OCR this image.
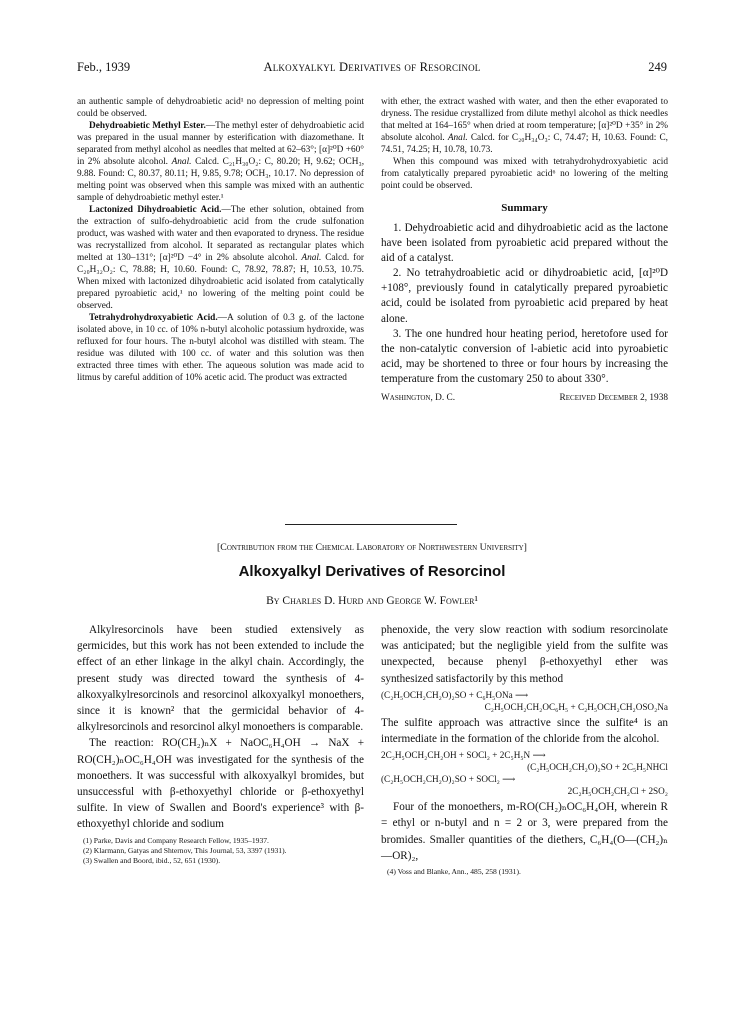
Feb., 1939	Alkoxyalkyl Derivatives of Resorcinol	249

an authentic sample of dehydroabietic acid¹ no depression of melting point could be observed.

Dehydroabietic Methyl Ester.—The methyl ester of dehydroabietic acid was prepared in the usual manner by esterification with diazomethane. It separated from methyl alcohol as needles that melted at 62–63°; [α]²⁰D +60° in 2% absolute alcohol. Anal. Calcd. C₂₁H₃₀O₂: C, 80.20; H, 9.62; OCH₃, 9.88. Found: C, 80.37, 80.11; H, 9.85, 9.78; OCH₃, 10.17. No depression of melting point was observed when this sample was mixed with an authentic sample of dehydroabietic methyl ester.¹

Lactonized Dihydroabietic Acid.—The ether solution, obtained from the extraction of sulfo-dehydroabietic acid from the crude sulfonation product, was washed with water and then evaporated to dryness. The residue was recrystallized from alcohol. It separated as rectangular plates which melted at 130–131°; [α]²⁰D −4° in 2% absolute alcohol. Anal. Calcd. for C₂₀H₃₂O₂: C, 78.88; H, 10.60. Found: C, 78.92, 78.87; H, 10.53, 10.75. When mixed with lactonized dihydroabietic acid isolated from catalytically prepared pyroabietic acid,¹ no lowering of the melting point could be observed.

Tetrahydrohydroxyabietic Acid.—A solution of 0.3 g. of the lactone isolated above, in 10 cc. of 10% n-butyl alcoholic potassium hydroxide, was refluxed for four hours. The n-butyl alcohol was distilled with steam. The residue was diluted with 100 cc. of water and this solution was then extracted three times with ether. The aqueous solution was made acid to litmus by careful addition of 10% acetic acid. The product was extracted

with ether, the extract washed with water, and then the ether evaporated to dryness. The residue crystallized from dilute methyl alcohol as thick needles that melted at 164–165° when dried at room temperature; [α]²⁰D +35° in 2% absolute alcohol. Anal. Calcd. for C₂₀H₃₄O₃: C, 74.47; H, 10.63. Found: C, 74.51, 74.25; H, 10.78, 10.73.

When this compound was mixed with tetrahydrohydroxyabietic acid from catalytically prepared pyroabietic acid⁶ no lowering of the melting point could be observed.

Summary

1. Dehydroabietic acid and dihydroabietic acid as the lactone have been isolated from pyroabietic acid prepared without the aid of a catalyst.

2. No tetrahydroabietic acid or dihydroabietic acid, [α]²⁰D +108°, previously found in catalytically prepared pyroabietic acid, could be isolated from pyroabietic acid prepared by heat alone.

3. The one hundred hour heating period, heretofore used for the non-catalytic conversion of l-abietic acid into pyroabietic acid, may be shortened to three or four hours by increasing the temperature from the customary 250 to about 330°.

Washington, D. C.	Received December 2, 1938
[Contribution from the Chemical Laboratory of Northwestern University]
Alkoxyalkyl Derivatives of Resorcinol
By Charles D. Hurd and George W. Fowler¹

Alkylresorcinols have been studied extensively as germicides, but this work has not been extended to include the effect of an ether linkage in the alkyl chain. Accordingly, the present study was directed toward the synthesis of 4-alkoxyalkylresorcinols and resorcinol alkoxyalkyl monoethers, since it is known² that the germicidal behavior of 4-alkylresorcinols and resorcinol alkyl monoethers is comparable.

The reaction: RO(CH₂)ₙX + NaOC₆H₄OH → NaX + RO(CH₂)ₙOC₆H₄OH was investigated for the synthesis of the monoethers. It was successful with alkoxyalkyl bromides, but unsuccessful with β-ethoxyethyl chloride or β-ethoxyethyl sulfite. In view of Swallen and Boord's experience³ with β-ethoxyethyl chloride and sodium

(1) Parke, Davis and Company Research Fellow, 1935–1937.
(2) Klarmann, Gatyas and Shternov, This Journal, 53, 3397 (1931).
(3) Swallen and Boord, ibid., 52, 651 (1930).

phenoxide, the very slow reaction with sodium resorcinolate was anticipated; but the negligible yield from the sulfite was unexpected, because phenyl β-ethoxyethyl ether was synthesized satisfactorily by this method

(C₂H₅OCH₂CH₂O)₂SO + C₆H₅ONa ⟶
C₂H₅OCH₂CH₂OC₆H₅ + C₂H₅OCH₂CH₂OSO₂Na

The sulfite approach was attractive since the sulfite⁴ is an intermediate in the formation of the chloride from the alcohol.

2C₂H₅OCH₂CH₂OH + SOCl₂ + 2C₅H₅N ⟶
(C₂H₅OCH₂CH₂O)₂SO + 2C₅H₅NHCl
(C₂H₅OCH₂CH₂O)₂SO + SOCl₂ ⟶
2C₂H₅OCH₂CH₂Cl + 2SO₂

Four of the monoethers, m-RO(CH₂)ₙOC₆H₄OH, wherein R = ethyl or n-butyl and n = 2 or 3, were prepared from the bromides. Smaller quantities of the diethers, C₆H₄(O—(CH₂)ₙ—OR)₂,

(4) Voss and Blanke, Ann., 485, 258 (1931).
